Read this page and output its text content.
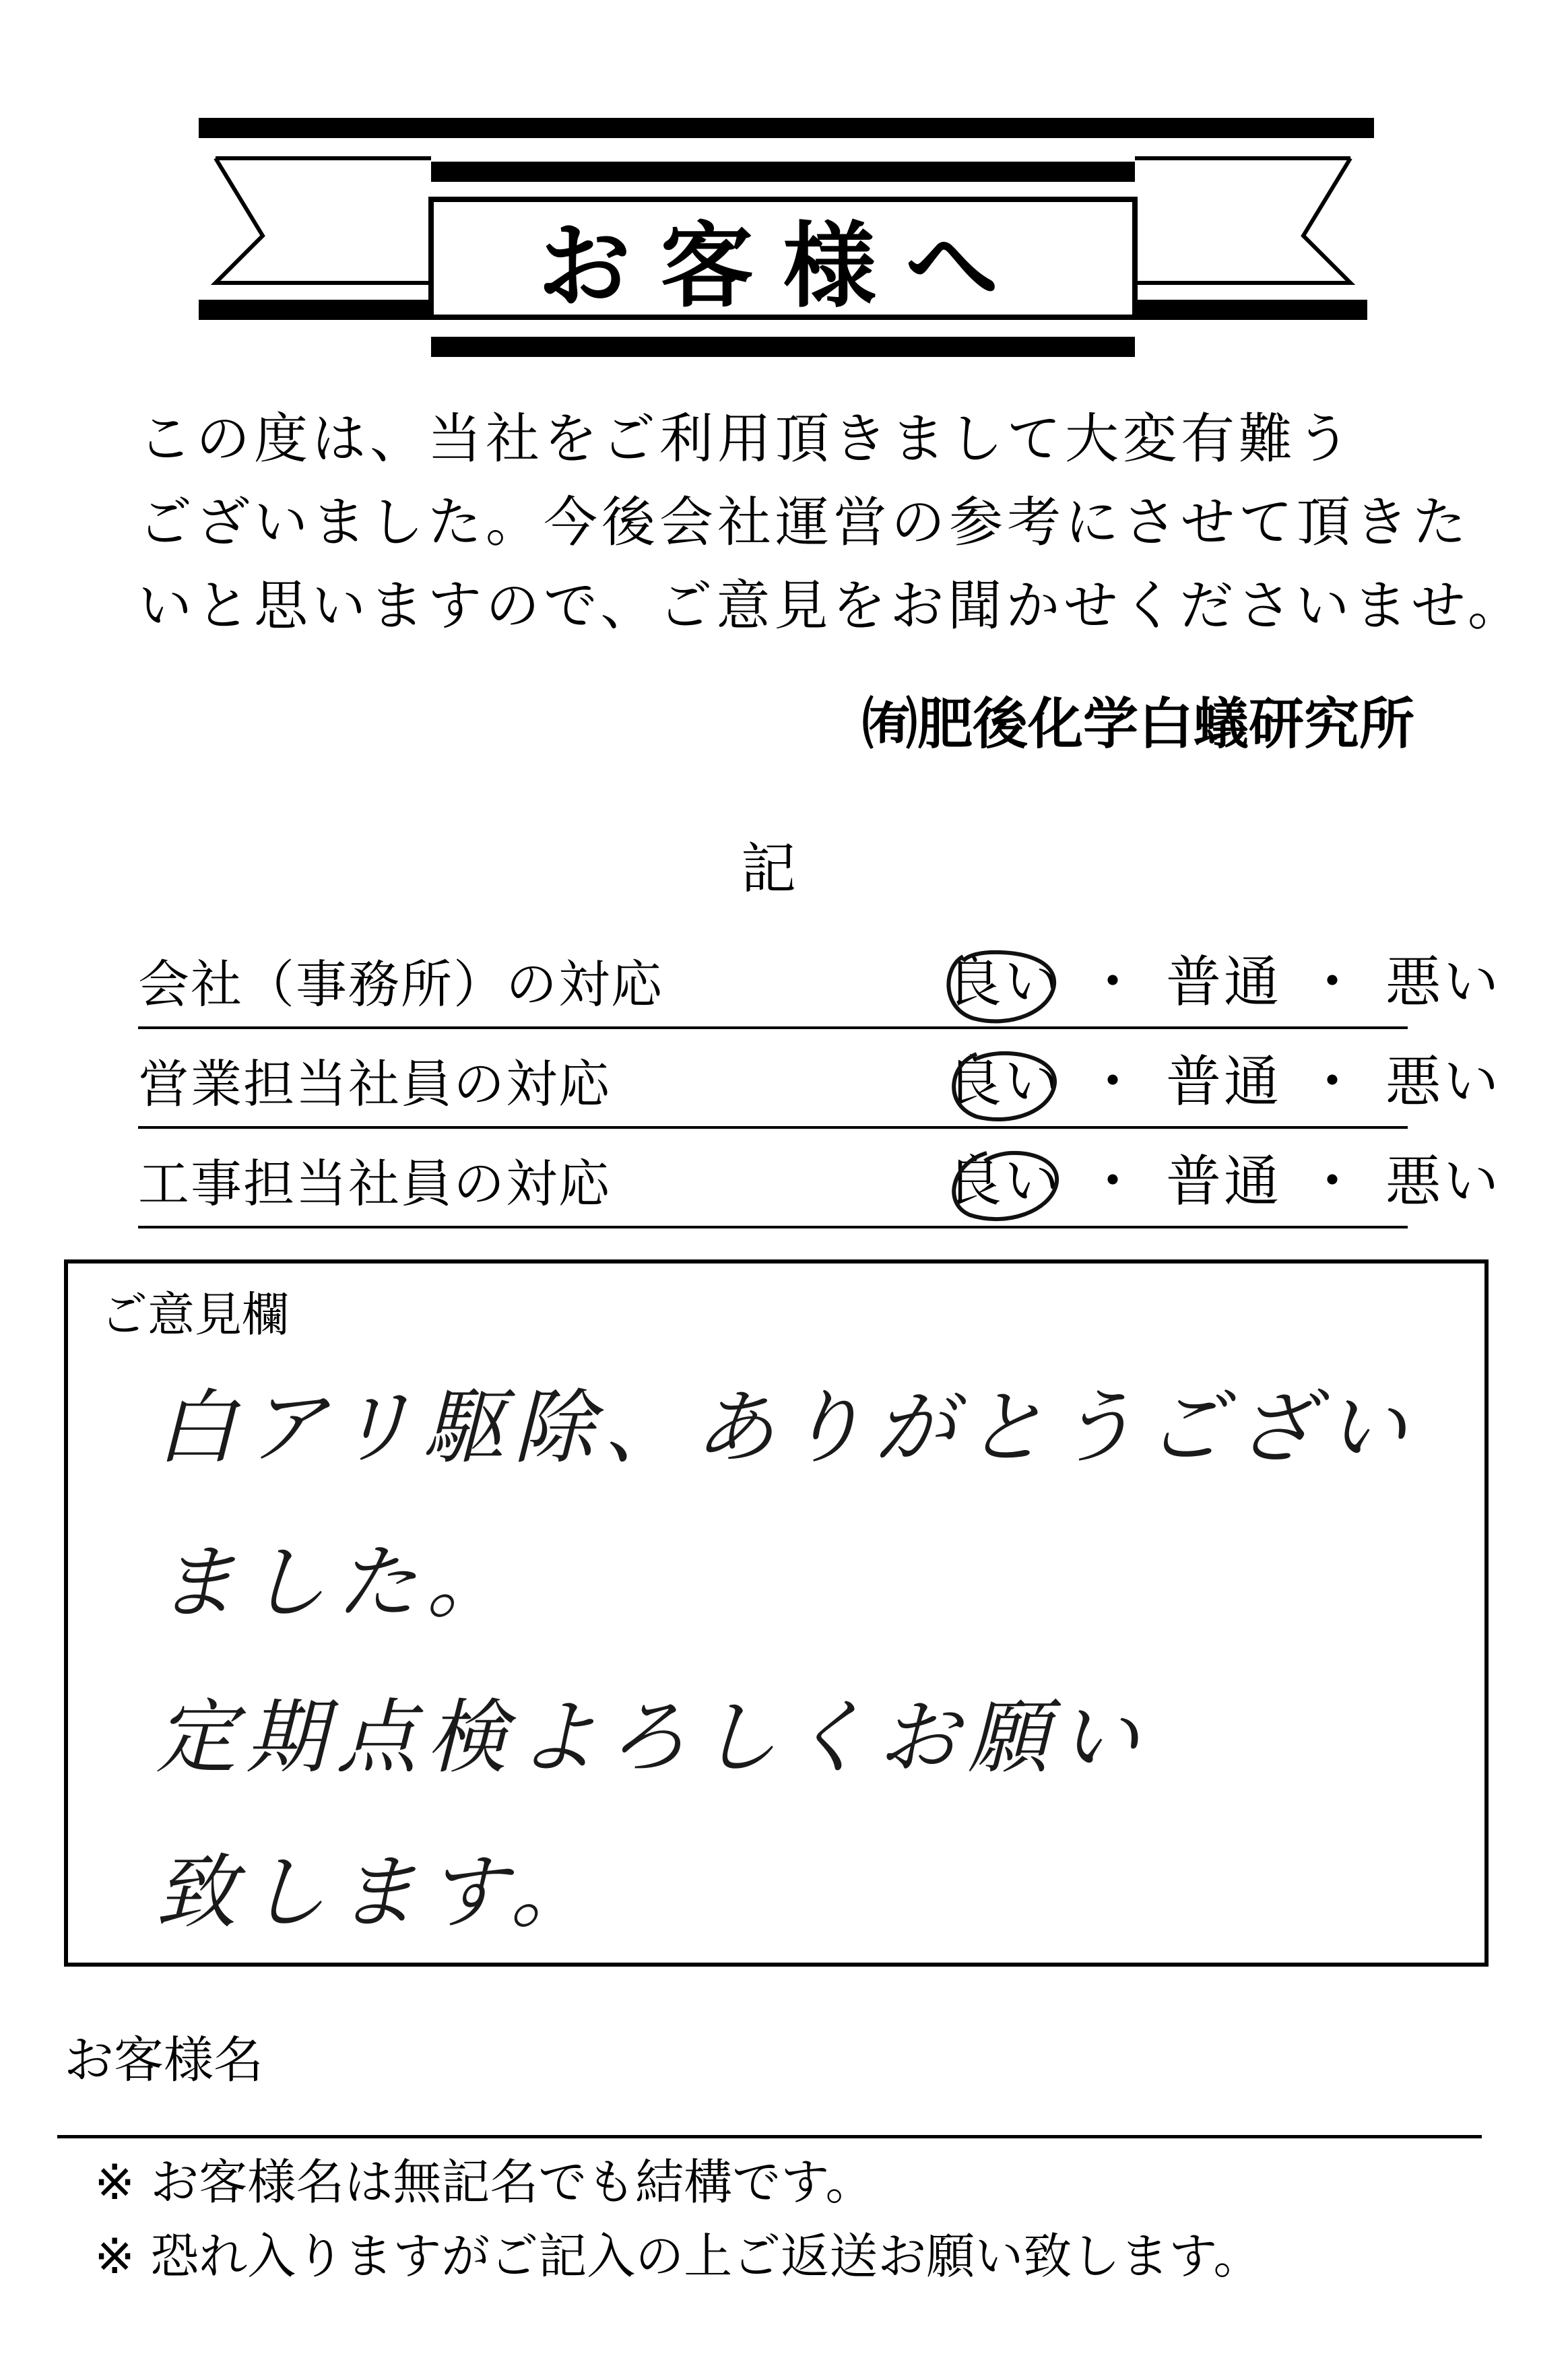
お客様へ
この度は、当社をご利用頂きまして大変有難う
ございました。今後会社運営の参考にさせて頂きた
いと思いますので、ご意見をお聞かせくださいませ。
㈲肥後化学白蟻研究所
記
会社（事務所）の対応	良い ・ 普通 ・ 悪い
営業担当社員の対応	良い ・ 普通 ・ 悪い
工事担当社員の対応	良い ・ 普通 ・ 悪い
ご意見欄
白アリ駆除、ありがとうござい
ました。
定期点検よろしくお願い
致します。
お客様名
※ お客様名は無記名でも結構です。
※ 恐れ入りますがご記入の上ご返送お願い致します。
